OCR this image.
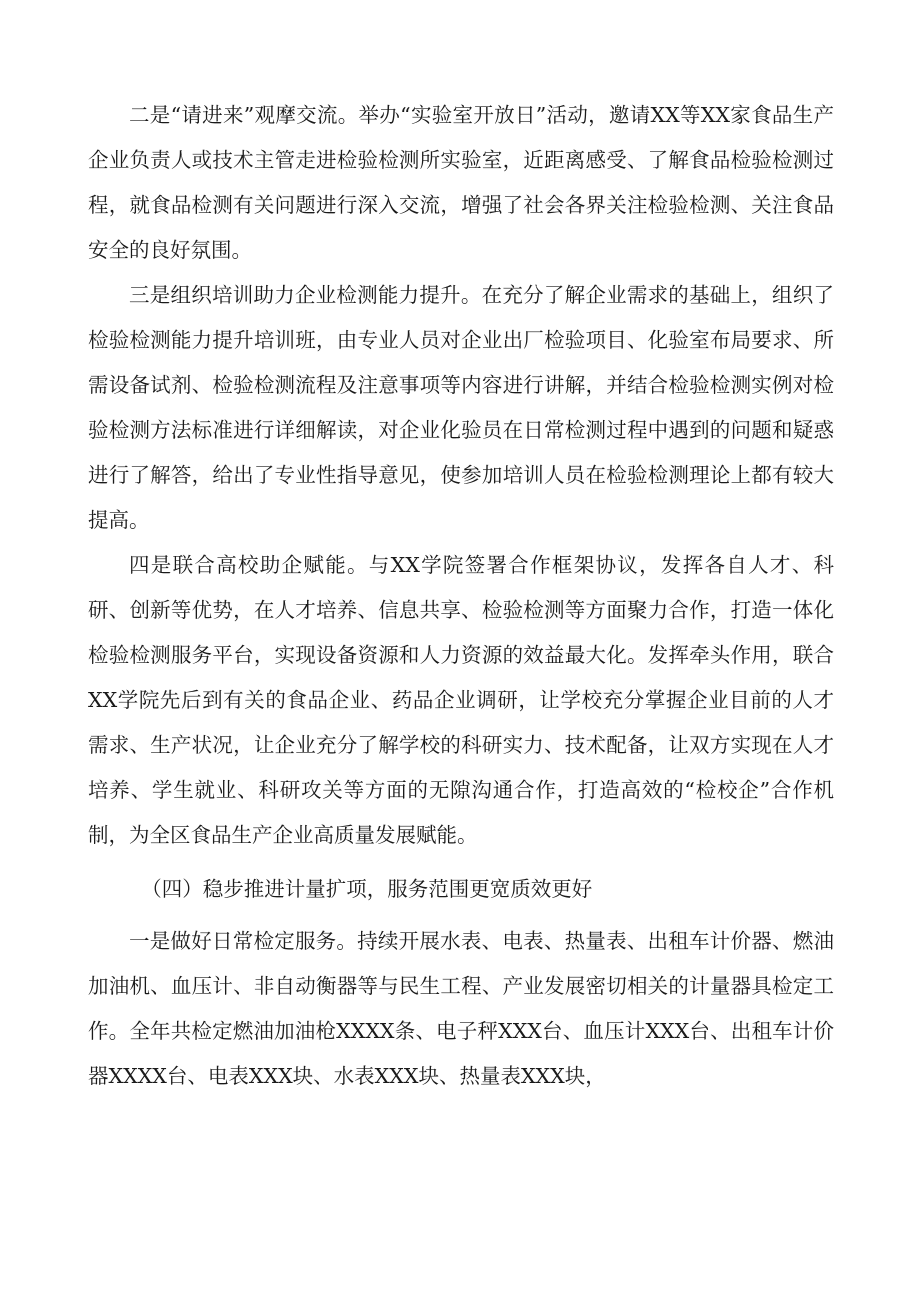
二是“请进来”观摩交流。举办“实验室开放日”活动，邀请XX等XX家食品生产企业负责人或技术主管走进检验检测所实验室，近距离感受、了解食品检验检测过程，就食品检测有关问题进行深入交流，增强了社会各界关注检验检测、关注食品安全的良好氛围。

三是组织培训助力企业检测能力提升。在充分了解企业需求的基础上，组织了检验检测能力提升培训班，由专业人员对企业出厂检验项目、化验室布局要求、所需设备试剂、检验检测流程及注意事项等内容进行讲解，并结合检验检测实例对检验检测方法标准进行详细解读，对企业化验员在日常检测过程中遇到的问题和疑惑进行了解答，给出了专业性指导意见，使参加培训人员在检验检测理论上都有较大提高。

四是联合高校助企赋能。与XX学院签署合作框架协议，发挥各自人才、科研、创新等优势，在人才培养、信息共享、检验检测等方面聚力合作，打造一体化检验检测服务平台，实现设备资源和人力资源的效益最大化。发挥牵头作用，联合XX学院先后到有关的食品企业、药品企业调研，让学校充分掌握企业目前的人才需求、生产状况，让企业充分了解学校的科研实力、技术配备，让双方实现在人才培养、学生就业、科研攻关等方面的无隙沟通合作，打造高效的“检校企”合作机制，为全区食品生产企业高质量发展赋能。

（四）稳步推进计量扩项，服务范围更宽质效更好

一是做好日常检定服务。持续开展水表、电表、热量表、出租车计价器、燃油加油机、血压计、非自动衡器等与民生工程、产业发展密切相关的计量器具检定工作。全年共检定燃油加油枪XXXX条、电子秤XXX台、血压计XXX台、出租车计价器XXXX台、电表XXX块、水表XXX块、热量表XXX块，
